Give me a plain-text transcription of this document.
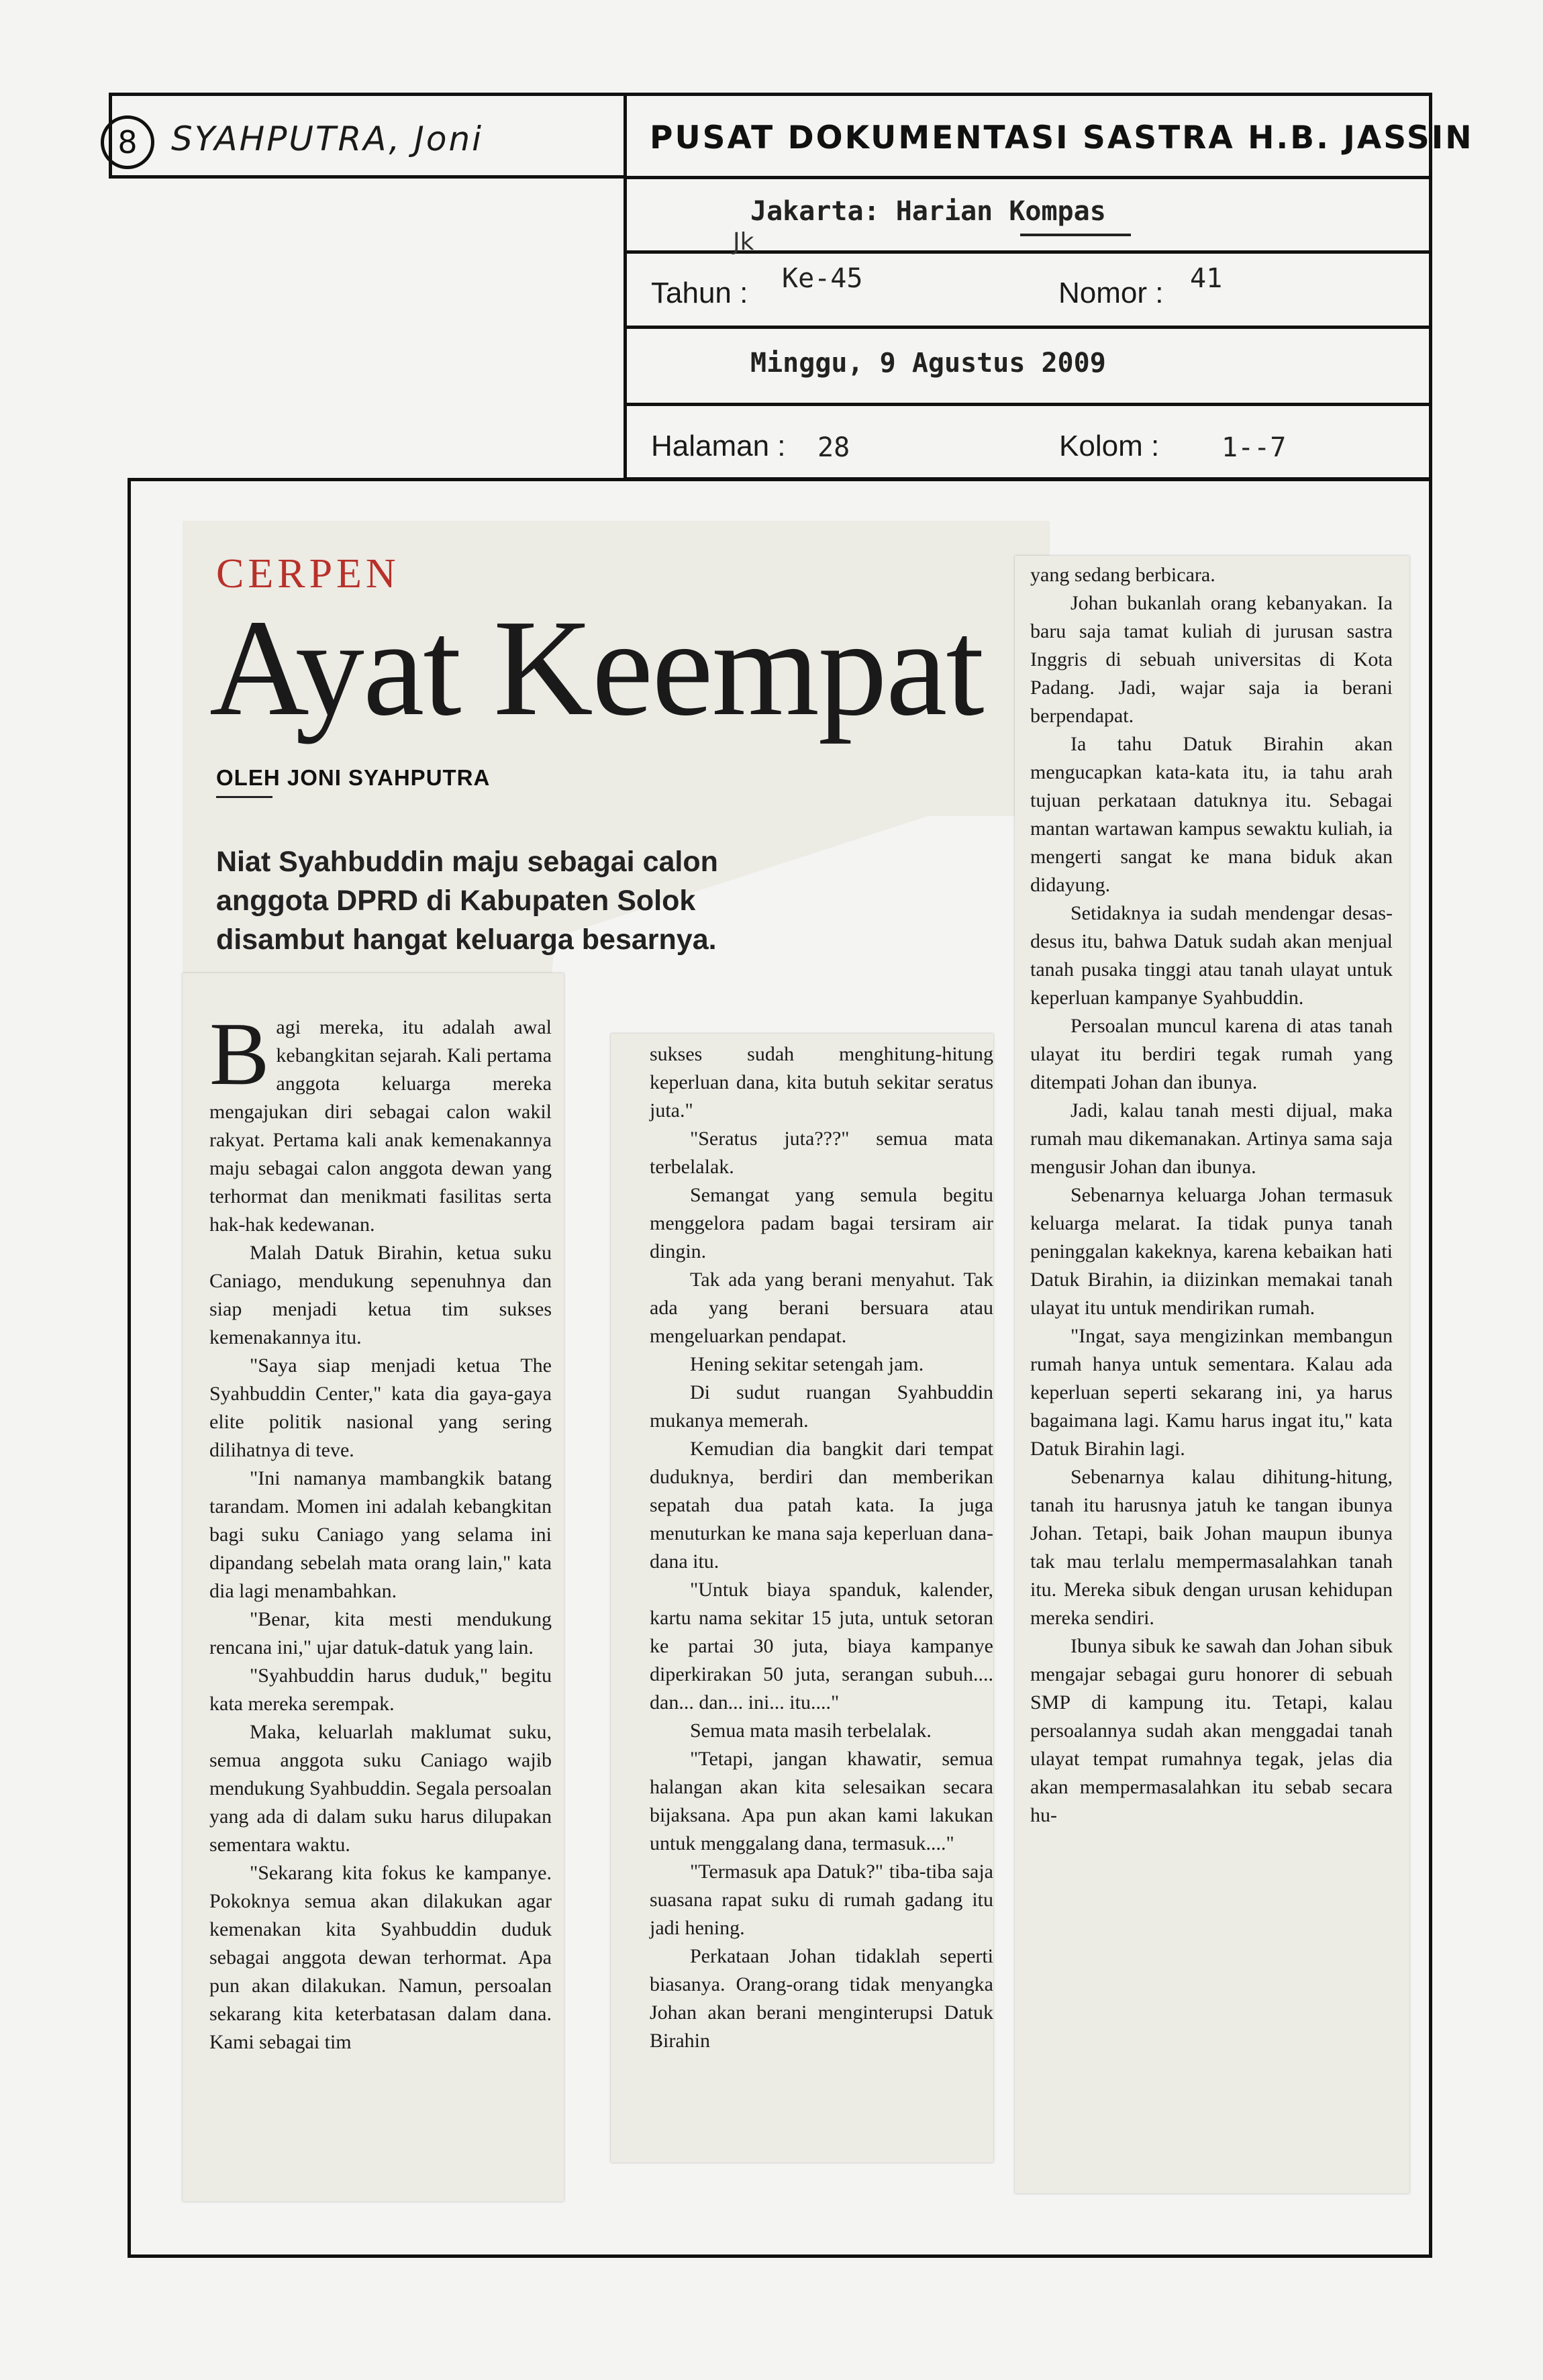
8	SYAHPUTRA, Joni	PUSAT DOKUMENTASI SASTRA H.B. JASSIN
Jakarta: Harian Kompas
Jk
Tahun : Ke-45	Nomor : 41
Minggu, 9 Agustus 2009
Halaman : 28	Kolom : 1--7
CERPEN
Ayat Keempat
OLEH JONI SYAHPUTRA
Niat Syahbuddin maju sebagai calon anggota DPRD di Kabupaten Solok disambut hangat keluarga besarnya.

Bagi mereka, itu adalah awal kebangkitan sejarah. Kali pertama anggota keluarga mereka mengajukan diri sebagai calon wakil rakyat. Pertama kali anak kemenakannya maju sebagai calon anggota dewan yang terhormat dan menikmati fasilitas serta hak-hak kedewanan.

Malah Datuk Birahin, ketua suku Caniago, mendukung sepenuhnya dan siap menjadi ketua tim sukses kemenakannya itu.

"Saya siap menjadi ketua The Syahbuddin Center," kata dia gaya-gaya elite politik nasional yang sering dilihatnya di teve.

"Ini namanya mambangkik batang tarandam. Momen ini adalah kebangkitan bagi suku Caniago yang selama ini dipandang sebelah mata orang lain," kata dia lagi menambahkan.

"Benar, kita mesti mendukung rencana ini," ujar datuk-datuk yang lain.

"Syahbuddin harus duduk," begitu kata mereka serempak.

Maka, keluarlah maklumat suku, semua anggota suku Caniago wajib mendukung Syahbuddin. Segala persoalan yang ada di dalam suku harus dilupakan sementara waktu.

"Sekarang kita fokus ke kampanye. Pokoknya semua akan dilakukan agar kemenakan kita Syahbuddin duduk sebagai anggota dewan terhormat. Apa pun akan dilakukan. Namun, persoalan sekarang kita keterbatasan dalam dana. Kami sebagai tim

sukses sudah menghitung-hitung keperluan dana, kita butuh sekitar seratus juta."

"Seratus juta???" semua mata terbelalak.

Semangat yang semula begitu menggelora padam bagai tersiram air dingin.

Tak ada yang berani menyahut. Tak ada yang berani bersuara atau mengeluarkan pendapat.

Hening sekitar setengah jam.

Di sudut ruangan Syahbuddin mukanya memerah.

Kemudian dia bangkit dari tempat duduknya, berdiri dan memberikan sepatah dua patah kata. Ia juga menuturkan ke mana saja keperluan dana-dana itu.

"Untuk biaya spanduk, kalender, kartu nama sekitar 15 juta, untuk setoran ke partai 30 juta, biaya kampanye diperkirakan 50 juta, serangan subuh.... dan... dan... ini... itu...."

Semua mata masih terbelalak.

"Tetapi, jangan khawatir, semua halangan akan kita selesaikan secara bijaksana. Apa pun akan kami lakukan untuk menggalang dana, termasuk...."

"Termasuk apa Datuk?" tiba-tiba saja suasana rapat suku di rumah gadang itu jadi hening.

Perkataan Johan tidaklah seperti biasanya. Orang-orang tidak menyangka Johan akan berani menginterupsi Datuk Birahin

yang sedang berbicara.

Johan bukanlah orang kebanyakan. Ia baru saja tamat kuliah di jurusan sastra Inggris di sebuah universitas di Kota Padang. Jadi, wajar saja ia berani berpendapat.

Ia tahu Datuk Birahin akan mengucapkan kata-kata itu, ia tahu arah tujuan perkataan datuknya itu. Sebagai mantan wartawan kampus sewaktu kuliah, ia mengerti sangat ke mana biduk akan didayung.

Setidaknya ia sudah mendengar desas-desus itu, bahwa Datuk sudah akan menjual tanah pusaka tinggi atau tanah ulayat untuk keperluan kampanye Syahbuddin.

Persoalan muncul karena di atas tanah ulayat itu berdiri tegak rumah yang ditempati Johan dan ibunya.

Jadi, kalau tanah mesti dijual, maka rumah mau dikemanakan. Artinya sama saja mengusir Johan dan ibunya.

Sebenarnya keluarga Johan termasuk keluarga melarat. Ia tidak punya tanah peninggalan kakeknya, karena kebaikan hati Datuk Birahin, ia diizinkan memakai tanah ulayat itu untuk mendirikan rumah.

"Ingat, saya mengizinkan membangun rumah hanya untuk sementara. Kalau ada keperluan seperti sekarang ini, ya harus bagaimana lagi. Kamu harus ingat itu," kata Datuk Birahin lagi.

Sebenarnya kalau dihitung-hitung, tanah itu harusnya jatuh ke tangan ibunya Johan. Tetapi, baik Johan maupun ibunya tak mau terlalu mempermasalahkan tanah itu. Mereka sibuk dengan urusan kehidupan mereka sendiri.

Ibunya sibuk ke sawah dan Johan sibuk mengajar sebagai guru honorer di sebuah SMP di kampung itu. Tetapi, kalau persoalannya sudah akan menggadai tanah ulayat tempat rumahnya tegak, jelas dia akan mempermasalahkan itu sebab secara hu-
